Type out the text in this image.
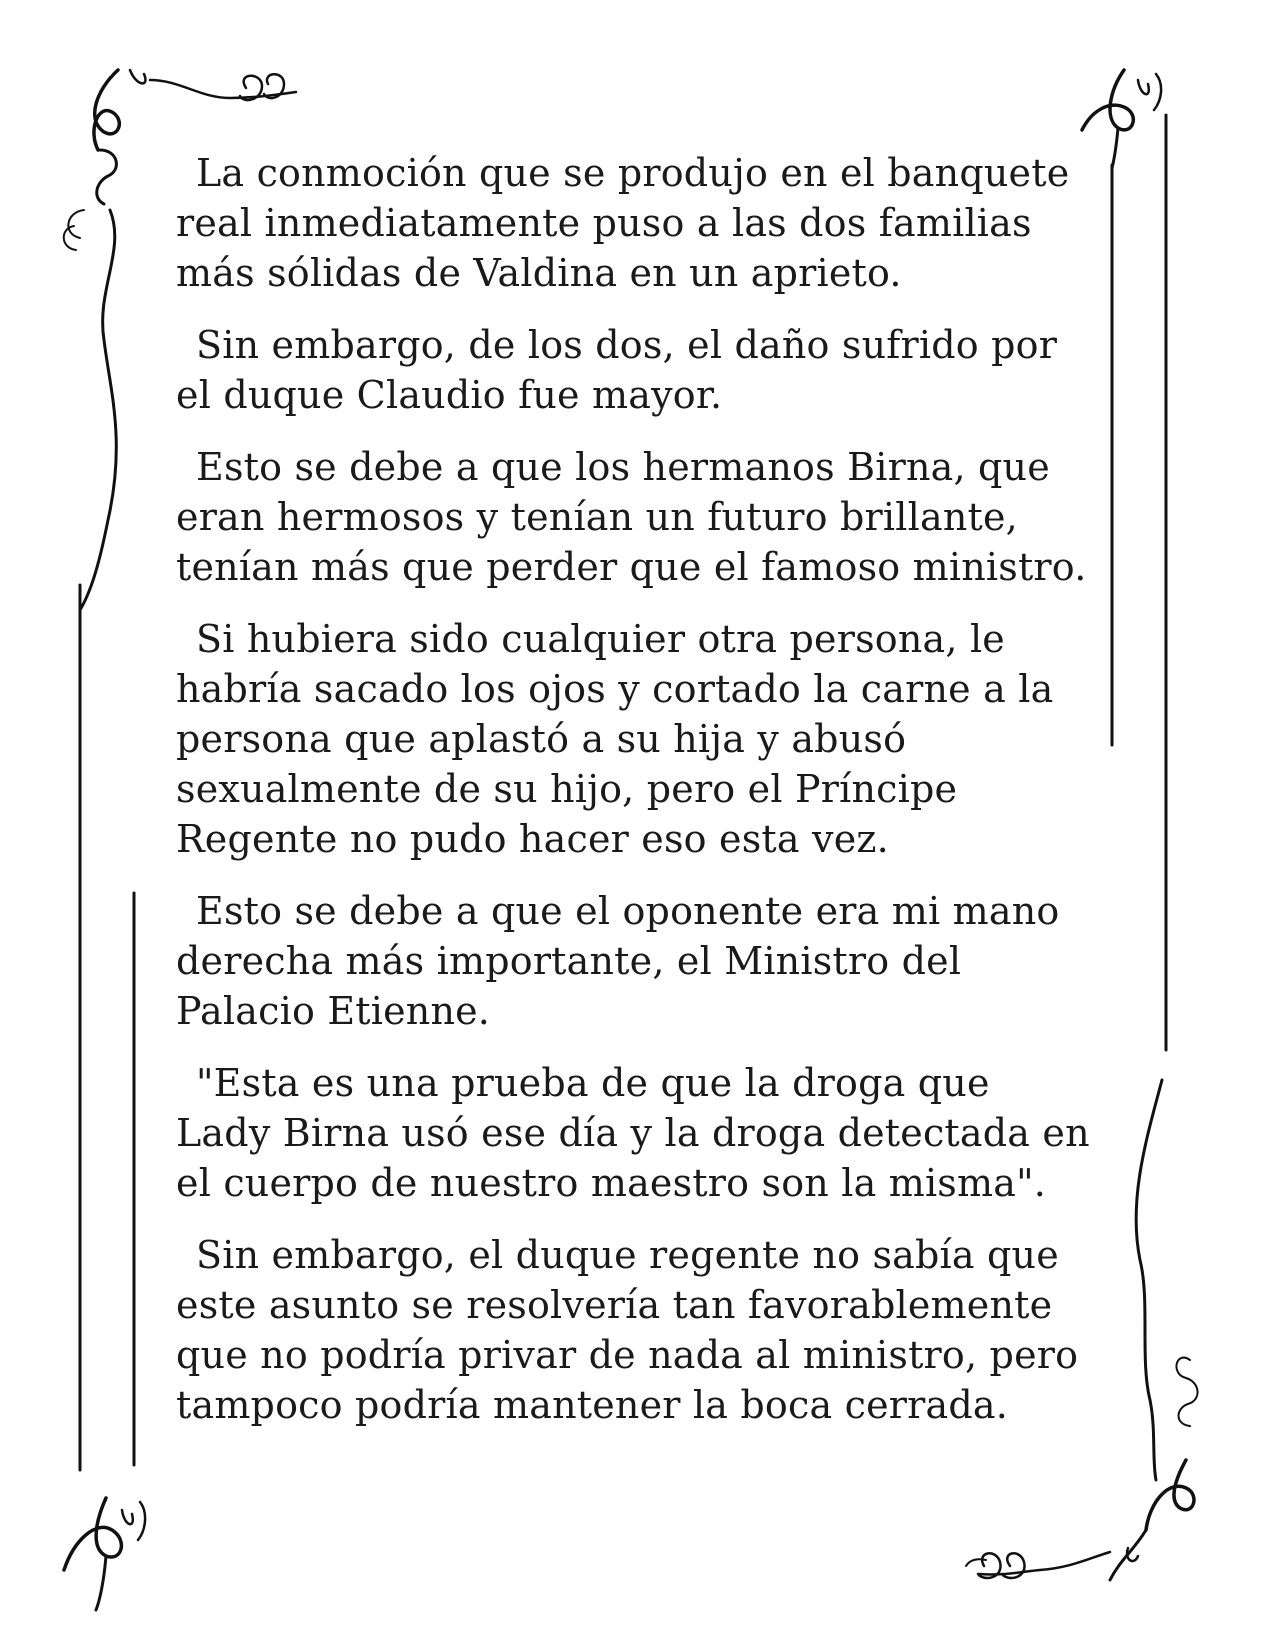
La conmoción que se produjo en el banquete real inmediatamente puso a las dos familias más sólidas de Valdina en un aprieto.

Sin embargo, de los dos, el daño sufrido por el duque Claudio fue mayor.

Esto se debe a que los hermanos Birna, que eran hermosos y tenían un futuro brillante, tenían más que perder que el famoso ministro.

Si hubiera sido cualquier otra persona, le habría sacado los ojos y cortado la carne a la persona que aplastó a su hija y abusó sexualmente de su hijo, pero el Príncipe Regente no pudo hacer eso esta vez.

Esto se debe a que el oponente era mi mano derecha más importante, el Ministro del Palacio Etienne.

"Esta es una prueba de que la droga que Lady Birna usó ese día y la droga detectada en el cuerpo de nuestro maestro son la misma".

Sin embargo, el duque regente no sabía que este asunto se resolvería tan favorablemente que no podría privar de nada al ministro, pero tampoco podría mantener la boca cerrada.
